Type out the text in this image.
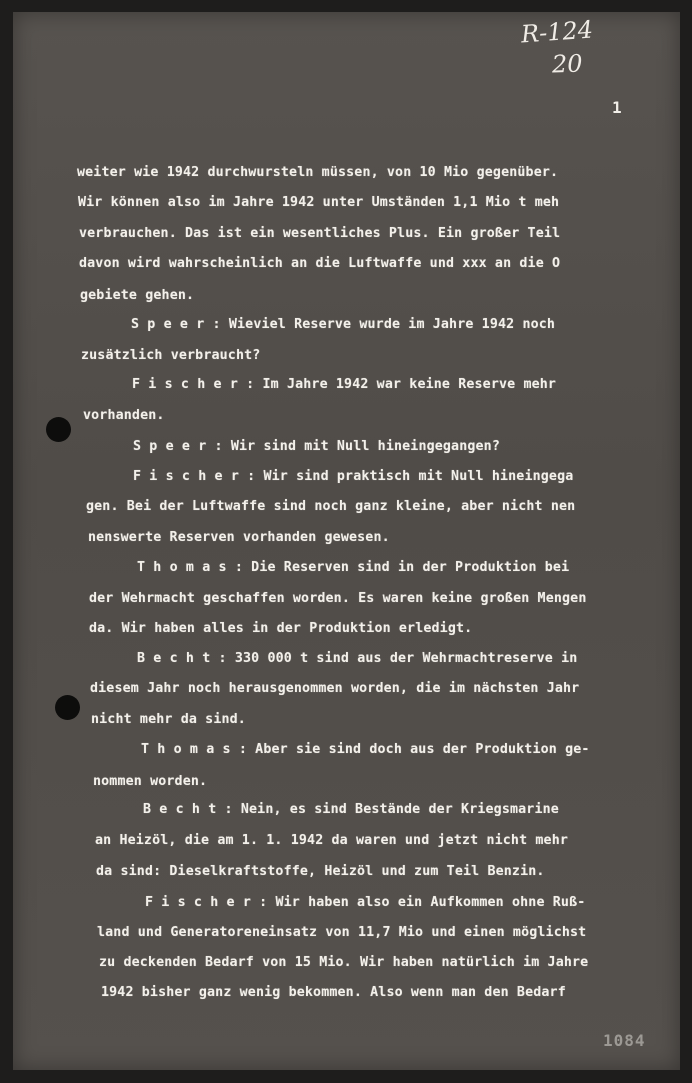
R-124
20
1
weiter wie 1942 durchwursteln müssen, von 10 Mio gegenüber.
Wir können also im Jahre 1942 unter Umständen 1,1 Mio t meh
verbrauchen. Das ist ein wesentliches Plus. Ein großer Teil
davon wird wahrscheinlich an die Luftwaffe und xxx an die O
gebiete gehen.
S p e e r : Wieviel Reserve wurde im Jahre 1942 noch
zusätzlich verbraucht?
F i s c h e r : Im Jahre 1942 war keine Reserve mehr
vorhanden.
S p e e r : Wir sind mit Null hineingegangen?
F i s c h e r : Wir sind praktisch mit Null hineingega
gen. Bei der Luftwaffe sind noch ganz kleine, aber nicht nen
nenswerte Reserven vorhanden gewesen.
T h o m a s : Die Reserven sind in der Produktion bei
der Wehrmacht geschaffen worden. Es waren keine großen Mengen
da. Wir haben alles in der Produktion erledigt.
B e c h t : 330 000 t sind aus der Wehrmachtreserve in
diesem Jahr noch herausgenommen worden, die im nächsten Jahr
nicht mehr da sind.
T h o m a s : Aber sie sind doch aus der Produktion ge-
nommen worden.
B e c h t : Nein, es sind Bestände der Kriegsmarine
an Heizöl, die am 1. 1. 1942 da waren und jetzt nicht mehr
da sind: Dieselkraftstoffe, Heizöl und zum Teil Benzin.
F i s c h e r : Wir haben also ein Aufkommen ohne Ruß-
land und Generatoreneinsatz von 11,7 Mio und einen möglichst
zu deckenden Bedarf von 15 Mio. Wir haben natürlich im Jahre
1942 bisher ganz wenig bekommen. Also wenn man den Bedarf
1084
